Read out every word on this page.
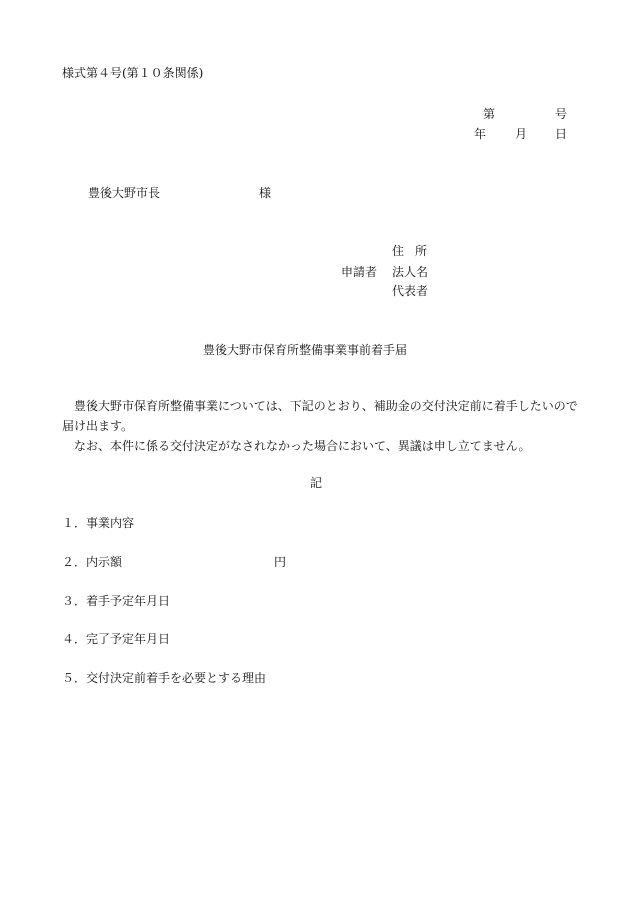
様式第４号(第１０条関係)
第	号
年 月 日
豊後大野市長	様
申請者
住所
法人名
代表者
豊後大野市保育所整備事業事前着手届

豊後大野市保育所整備事業については、下記のとおり、補助金の交付決定前に着手したいので届け出ます。

なお、本件に係る交付決定がなされなかった場合において、異議は申し立てません。

記
１．事業内容
２．内示額	円
３．着手予定年月日
４．完了予定年月日
５．交付決定前着手を必要とする理由
